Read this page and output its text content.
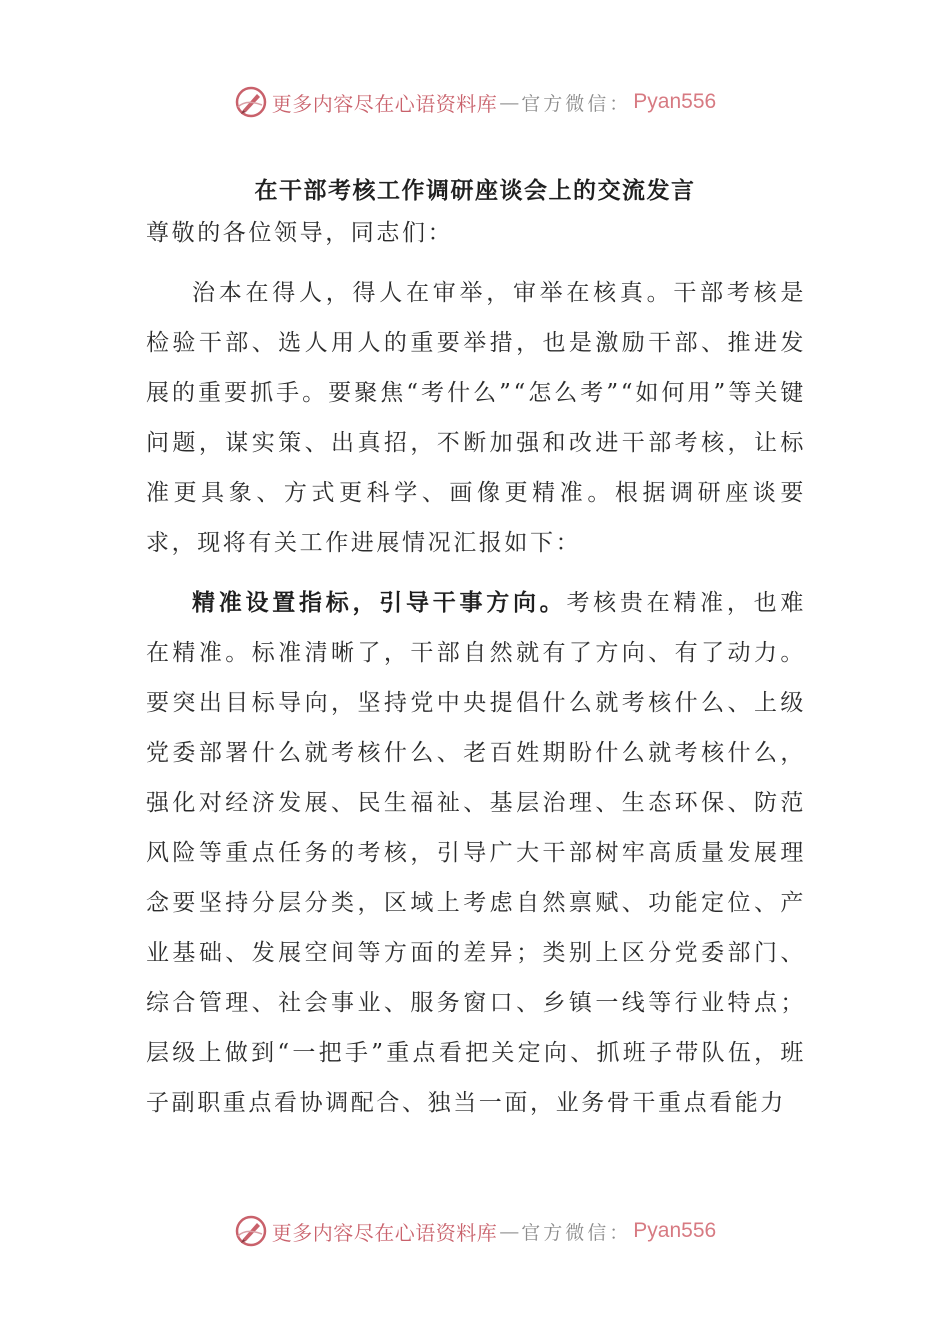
更多内容尽在心语资料库 — 官方微信： Pyan556
在干部考核工作调研座谈会上的交流发言

尊敬的各位领导，同志们：

治本在得人，得人在审举，审举在核真。干部考核是检验干部、选人用人的重要举措，也是激励干部、推进发展的重要抓手。要聚焦“考什么”“怎么考”“如何用”等关键问题，谋实策、出真招，不断加强和改进干部考核，让标准更具象、方式更科学、画像更精准。根据调研座谈要求，现将有关工作进展情况汇报如下：

精准设置指标，引导干事方向。考核贵在精准，也难在精准。标准清晰了，干部自然就有了方向、有了动力。要突出目标导向，坚持党中央提倡什么就考核什么、上级党委部署什么就考核什么、老百姓期盼什么就考核什么，强化对经济发展、民生福祉、基层治理、生态环保、防范风险等重点任务的考核，引导广大干部树牢高质量发展理念要坚持分层分类，区域上考虑自然禀赋、功能定位、产业基础、发展空间等方面的差异；类别上区分党委部门、综合管理、社会事业、服务窗口、乡镇一线等行业特点；层级上做到“一把手”重点看把关定向、抓班子带队伍，班子副职重点看协调配合、独当一面，业务骨干重点看能力

更多内容尽在心语资料库 — 官方微信： Pyan556
